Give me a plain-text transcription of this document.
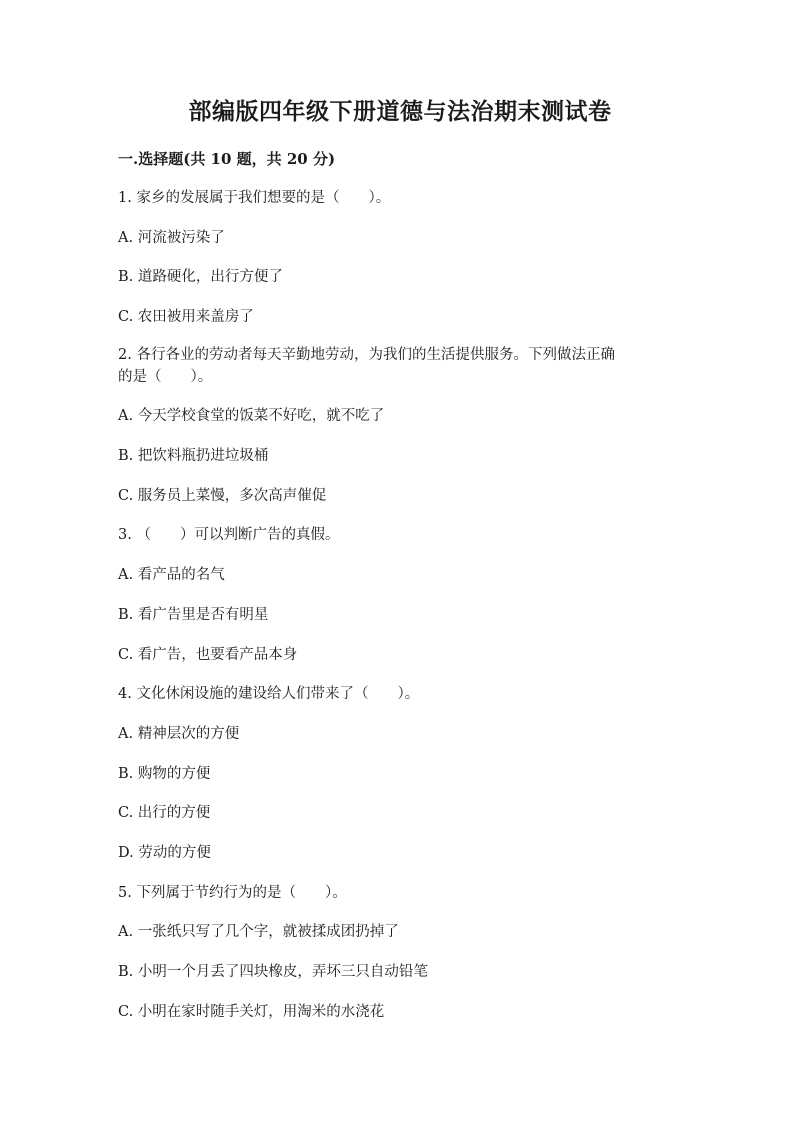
部编版四年级下册道德与法治期末测试卷
一.选择题(共 10 题，共 20 分)
1. 家乡的发展属于我们想要的是（　　）。
A. 河流被污染了
B. 道路硬化，出行方便了
C. 农田被用来盖房了
2. 各行各业的劳动者每天辛勤地劳动，为我们的生活提供服务。下列做法正确
的是（　　）。
A. 今天学校食堂的饭菜不好吃，就不吃了
B. 把饮料瓶扔进垃圾桶
C. 服务员上菜慢，多次高声催促
3. （　　）可以判断广告的真假。
A. 看产品的名气
B. 看广告里是否有明星
C. 看广告，也要看产品本身
4. 文化休闲设施的建设给人们带来了（　　）。
A. 精神层次的方便
B. 购物的方便
C. 出行的方便
D. 劳动的方便
5. 下列属于节约行为的是（　　）。
A. 一张纸只写了几个字，就被揉成团扔掉了
B. 小明一个月丢了四块橡皮，弄坏三只自动铅笔
C. 小明在家时随手关灯，用淘米的水浇花
